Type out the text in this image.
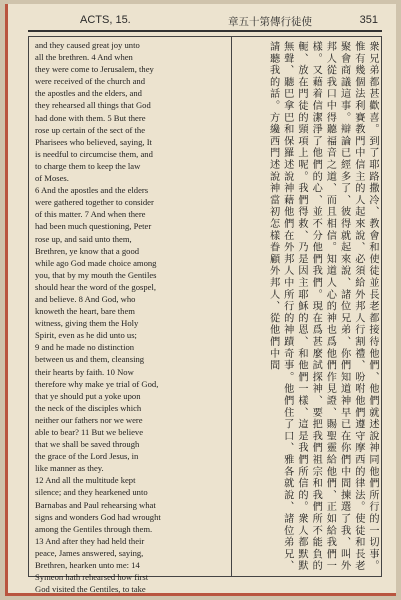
ACTS, 15.	章五十第傳行徒使	351
and they caused great joy unto
all the brethren. 4 And when
they were come to Jerusalem, they
were received of the church and
the apostles and the elders, and
they rehearsed all things that God
had done with them. 5 But there
rose up certain of the sect of the
Pharisees who believed, saying, It
is needful to circumcise them, and
to charge them to keep the law
of Moses.
6 And the apostles and the elders
were gathered together to consider
of this matter. 7 And when there
had been much questioning, Peter
rose up, and said unto them,
Brethren, ye know that a good
while ago God made choice among
you, that by my mouth the Gentiles
should hear the word of the gospel,
and believe. 8 And God, who
knoweth the heart, bare them
witness, giving them the Holy
Spirit, even as he did unto us;
9 and he made no distinction
between us and them, cleansing
their hearts by faith. 10 Now
therefore why make ye trial of God,
that ye should put a yoke upon
the neck of the disciples which
neither our fathers nor we were
able to bear? 11 But we believe
that we shall be saved through
the grace of the Lord Jesus, in
like manner as they.
12 And all the multitude kept
silence; and they hearkened unto
Barnabas and Paul rehearsing what
signs and wonders God had wrought
among the Gentiles through them.
13 And after they had held their
peace, James answered, saying,
Brethren, hearken unto me: 14
Symeon hath rehearsed how first
God visited the Gentiles, to take
衆兄弟都甚歡喜。到了耶路撒冷、教會和使徒並長老都接待他們、他們就述說神同他們所行的一切事。惟有幾個法利賽教門中信主的人起來說、必須給外邦人行割禮、吩咐他們遵守摩西的律法。使徒和長老聚會商議這事。辯論已經多了、彼得就起來說、諸位兄弟、你們知道神早已在你們中間揀選了我、叫外邦人從我口中得聽福音之道、而且相信。知道人心的神也爲他們作見證、賜聖靈給他們、正如給我們一樣。又藉着信潔淨了他們的心、並不分他們我們。現在爲甚麼試探神、要把我們祖宗和我們所不能負的軛、放在門徒的頸項上呢。我們得救、乃是因主耶穌的恩、和他們一樣、這是我們所信的。衆人都默默無聲、聽巴拿巴和保羅述說神藉他們在外邦人中所行的神蹟奇事。他們住了口、雅各就說、諸位弟兄、請聽我的話。方纔西門述說神當初怎樣眷顧外邦人、從他們中間
